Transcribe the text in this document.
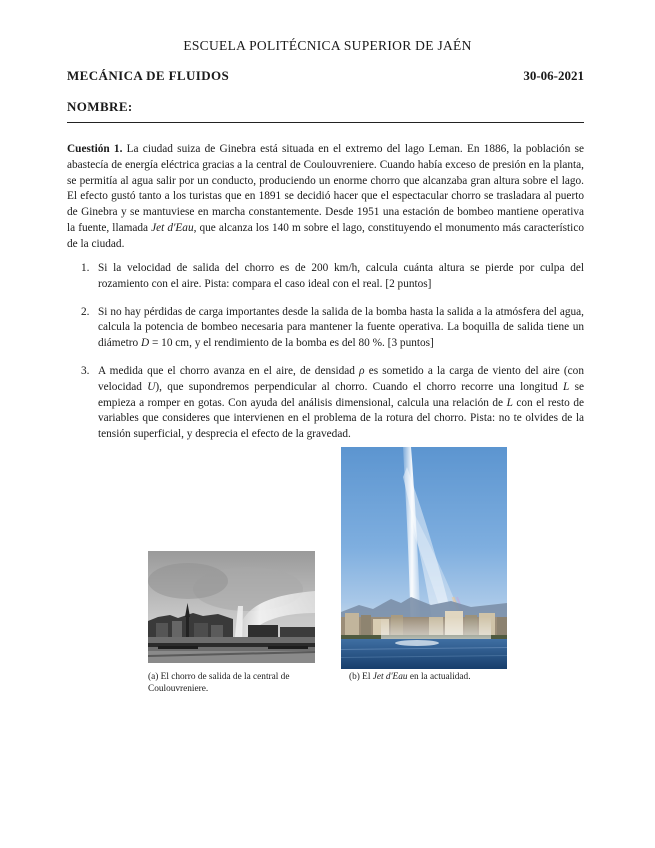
ESCUELA POLITÉCNICA SUPERIOR DE JAÉN
MECÁNICA DE FLUIDOS	30-06-2021
NOMBRE:
Cuestión 1. La ciudad suiza de Ginebra está situada en el extremo del lago Leman. En 1886, la población se abastecía de energía eléctrica gracias a la central de Coulouvreniere. Cuando había exceso de presión en la planta, se permitía al agua salir por un conducto, produciendo un enorme chorro que alcanzaba gran altura sobre el lago. El efecto gustó tanto a los turistas que en 1891 se decidió hacer que el espectacular chorro se trasladara al puerto de Ginebra y se mantuviese en marcha constantemente. Desde 1951 una estación de bombeo mantiene operativa la fuente, llamada Jet d'Eau, que alcanza los 140 m sobre el lago, constituyendo el monumento más característico de la ciudad.
1. Si la velocidad de salida del chorro es de 200 km/h, calcula cuánta altura se pierde por culpa del rozamiento con el aire. Pista: compara el caso ideal con el real. [2 puntos]
2. Si no hay pérdidas de carga importantes desde la salida de la bomba hasta la salida a la atmósfera del agua, calcula la potencia de bombeo necesaria para mantener la fuente operativa. La boquilla de salida tiene un diámetro D = 10 cm, y el rendimiento de la bomba es del 80 %. [3 puntos]
3. A medida que el chorro avanza en el aire, de densidad ρ es sometido a la carga de viento del aire (con velocidad U), que supondremos perpendicular al chorro. Cuando el chorro recorre una longitud L se empieza a romper en gotas. Con ayuda del análisis dimensional, calcula una relación de L con el resto de variables que consideres que intervienen en el problema de la rotura del chorro. Pista: no te olvides de la tensión superficial, y desprecia el efecto de la gravedad.
(a) El chorro de salida de la central de Coulouvreniere.
(b) El Jet d'Eau en la actualidad.
